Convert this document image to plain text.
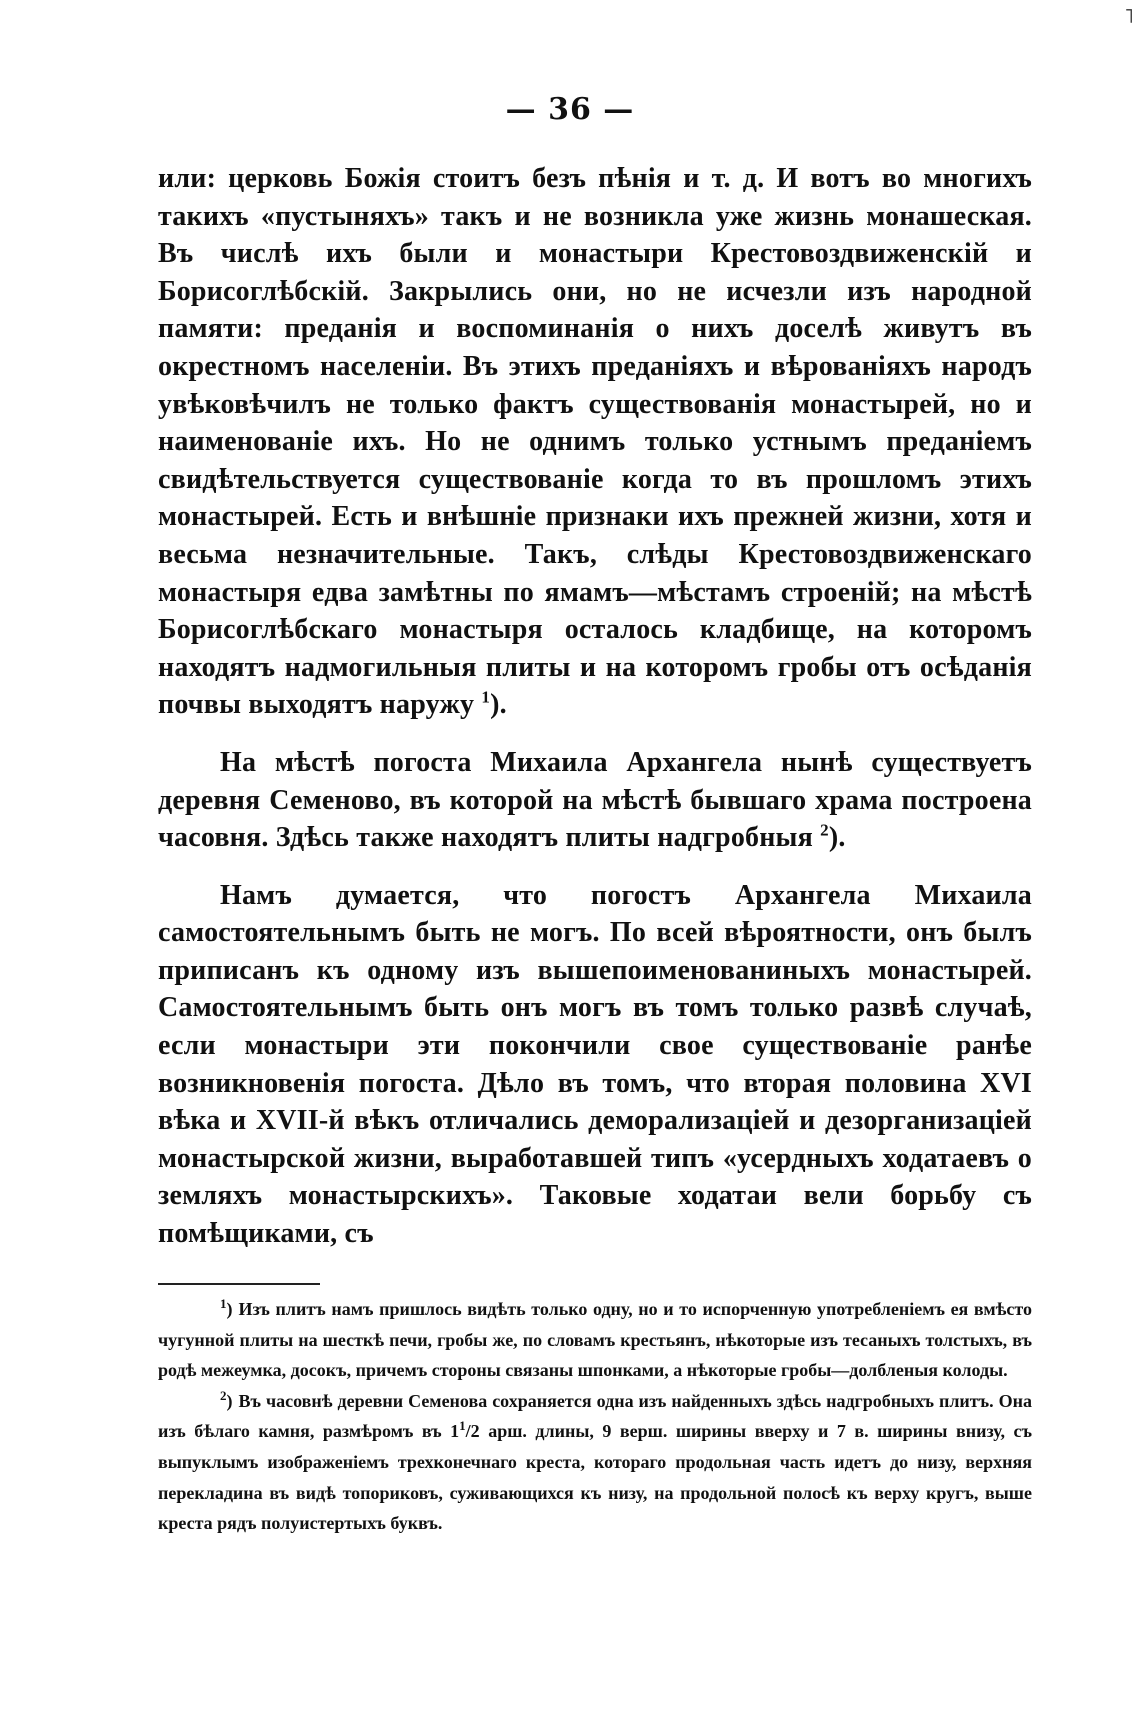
˥
— 36 —

или: церковь Божія стоитъ безъ пѣнія и т. д. И вотъ во многихъ такихъ «пустыняхъ» такъ и не возникла уже жизнь монашеская. Въ числѣ ихъ были и монастыри Крестовоздвиженскій и Борисоглѣбскій. Закрылись они, но не исчезли изъ народной памяти: преданія и воспоминанія о нихъ доселѣ живутъ въ окрестномъ населеніи. Въ этихъ преданіяхъ и вѣрованіяхъ народъ увѣковѣчилъ не только фактъ существованія монастырей, но и наименованіе ихъ. Но не однимъ только устнымъ преданіемъ свидѣтельствуется существованіе когда то въ прошломъ этихъ монастырей. Есть и внѣшніе признаки ихъ прежней жизни, хотя и весьма незначительные. Такъ, слѣды Крестовоздвиженскаго монастыря едва замѣтны по ямамъ—мѣстамъ строеній; на мѣстѣ Борисоглѣбскаго монастыря осталось кладбище, на которомъ находятъ надмогильныя плиты и на которомъ гробы отъ осѣданія почвы выходятъ наружу $^1$).

На мѣстѣ погоста Михаила Архангела нынѣ существуетъ деревня Семеново, въ которой на мѣстѣ бывшаго храма построена часовня. Здѣсь также находятъ плиты надгробныя $^2$).

Намъ думается, что погостъ Архангела Михаила самостоятельнымъ быть не могъ. По всей вѣроятности, онъ былъ приписанъ къ одному изъ вышепоименованиныхъ монастырей. Самостоятельнымъ быть онъ могъ въ томъ только развѣ случаѣ, если монастыри эти покончили свое существованіе ранѣе возникновенія погоста. Дѣло въ томъ, что вторая половина XVI вѣка и XVII-й вѣкъ отличались деморализаціей и дезорганизаціей монастырской жизни, выработавшей типъ «усердныхъ ходатаевъ о земляхъ монастырскихъ». Таковые ходатаи вели борьбу съ помѣщиками, съ

$^1$) Изъ плитъ намъ пришлось видѣть только одну, но и то испорченную употребленіемъ ея вмѣсто чугунной плиты на шесткѣ печи, гробы же, по словамъ крестьянъ, нѣкоторые изъ тесаныхъ толстыхъ, въ родѣ межеумка, досокъ, причемъ стороны связаны шпонками, а нѣкоторые гробы—долбленыя колоды.

$^2$) Въ часовнѣ деревни Семенова сохраняется одна изъ найденныхъ здѣсь надгробныхъ плитъ. Она изъ бѣлаго камня, размѣромъ въ $1^1/2$ арш. длины, 9 верш. ширины вверху и 7 в. ширины внизу, съ выпуклымъ изображеніемъ трехконечнаго креста, котораго продольная часть идетъ до низу, верхняя перекладина въ видѣ топориковъ, суживающихся къ низу, на продольной полосѣ къ верху кругъ, выше креста рядъ полуистертыхъ буквъ.
